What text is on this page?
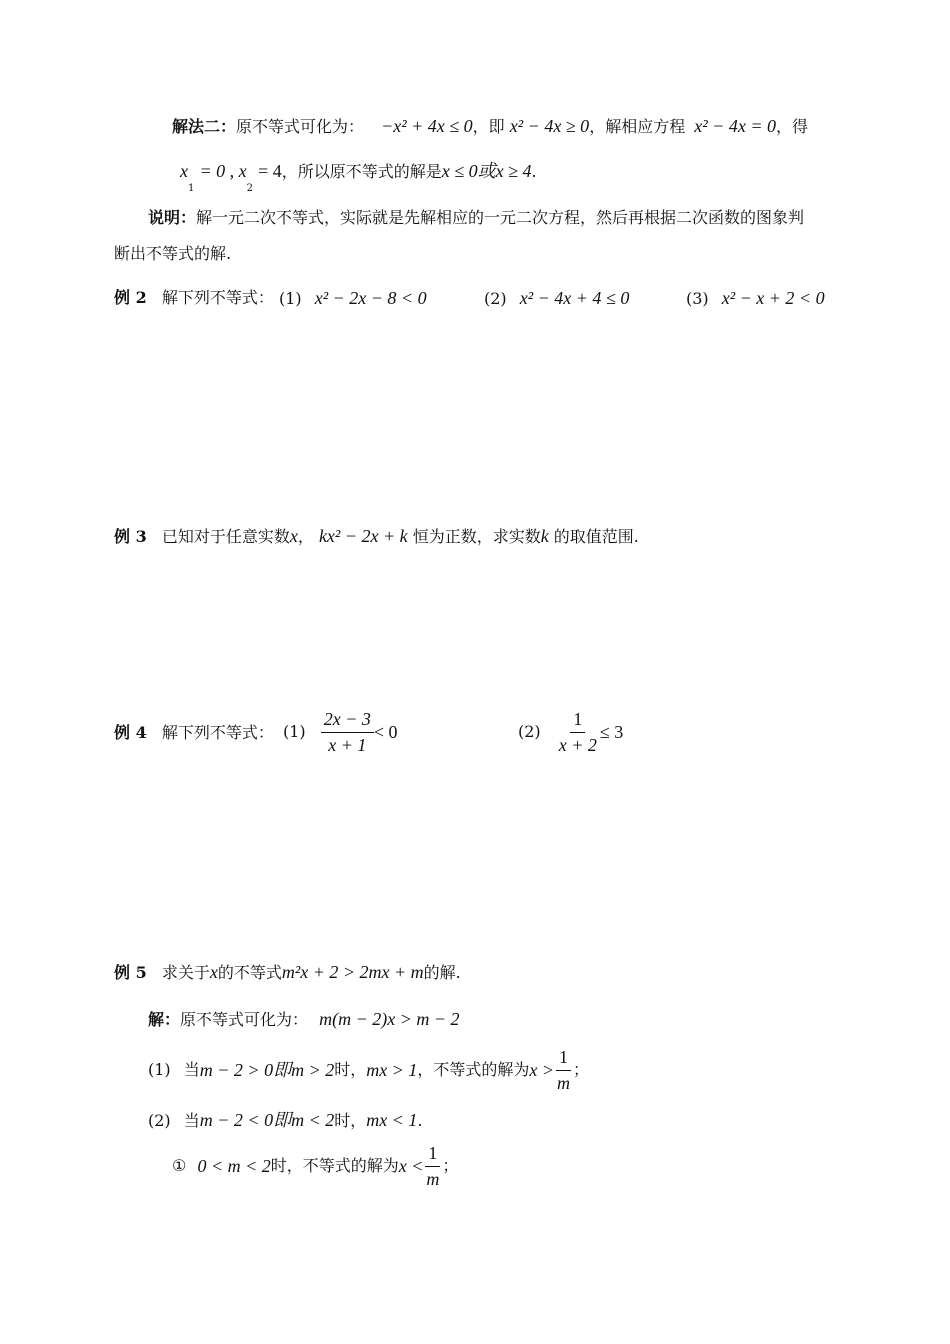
解法二：原不等式可化为： −x² + 4x ≤ 0，即 x² − 4x ≥ 0，解相应方程 x² − 4x = 0，得
$x_1 = 0$ , $x_2 = 4$，所以原不等式的解是x ≤ 0或x ≥ 4.
说明：解一元二次不等式，实际就是先解相应的一元二次方程，然后再根据二次函数的图象判
断出不等式的解.
例 2 解下列不等式： (1) x² − 2x − 8 < 0	(2) x² − 4x + 4 ≤ 0	(3) x² − x + 2 < 0
例 3 已知对于任意实数x， kx² − 2x + k 恒为正数，求实数k 的取值范围.
例 4 解下列不等式： $(1) \frac{2x - 3}{x + 1} < 0$	$(2) \frac{1}{x + 2} \le 3$
例 5 求关于x的不等式m²x + 2 > 2mx + m的解.
解：原不等式可化为： m(m − 2)x > m − 2
(1) 当m − 2 > 0即m > 2时，mx > 1，不等式的解为$x > \frac{1}{m}$ ；
(2) 当m − 2 < 0即m < 2时，mx < 1.
① 0 < m < 2时，不等式的解为$x < \frac{1}{m}$ ；
